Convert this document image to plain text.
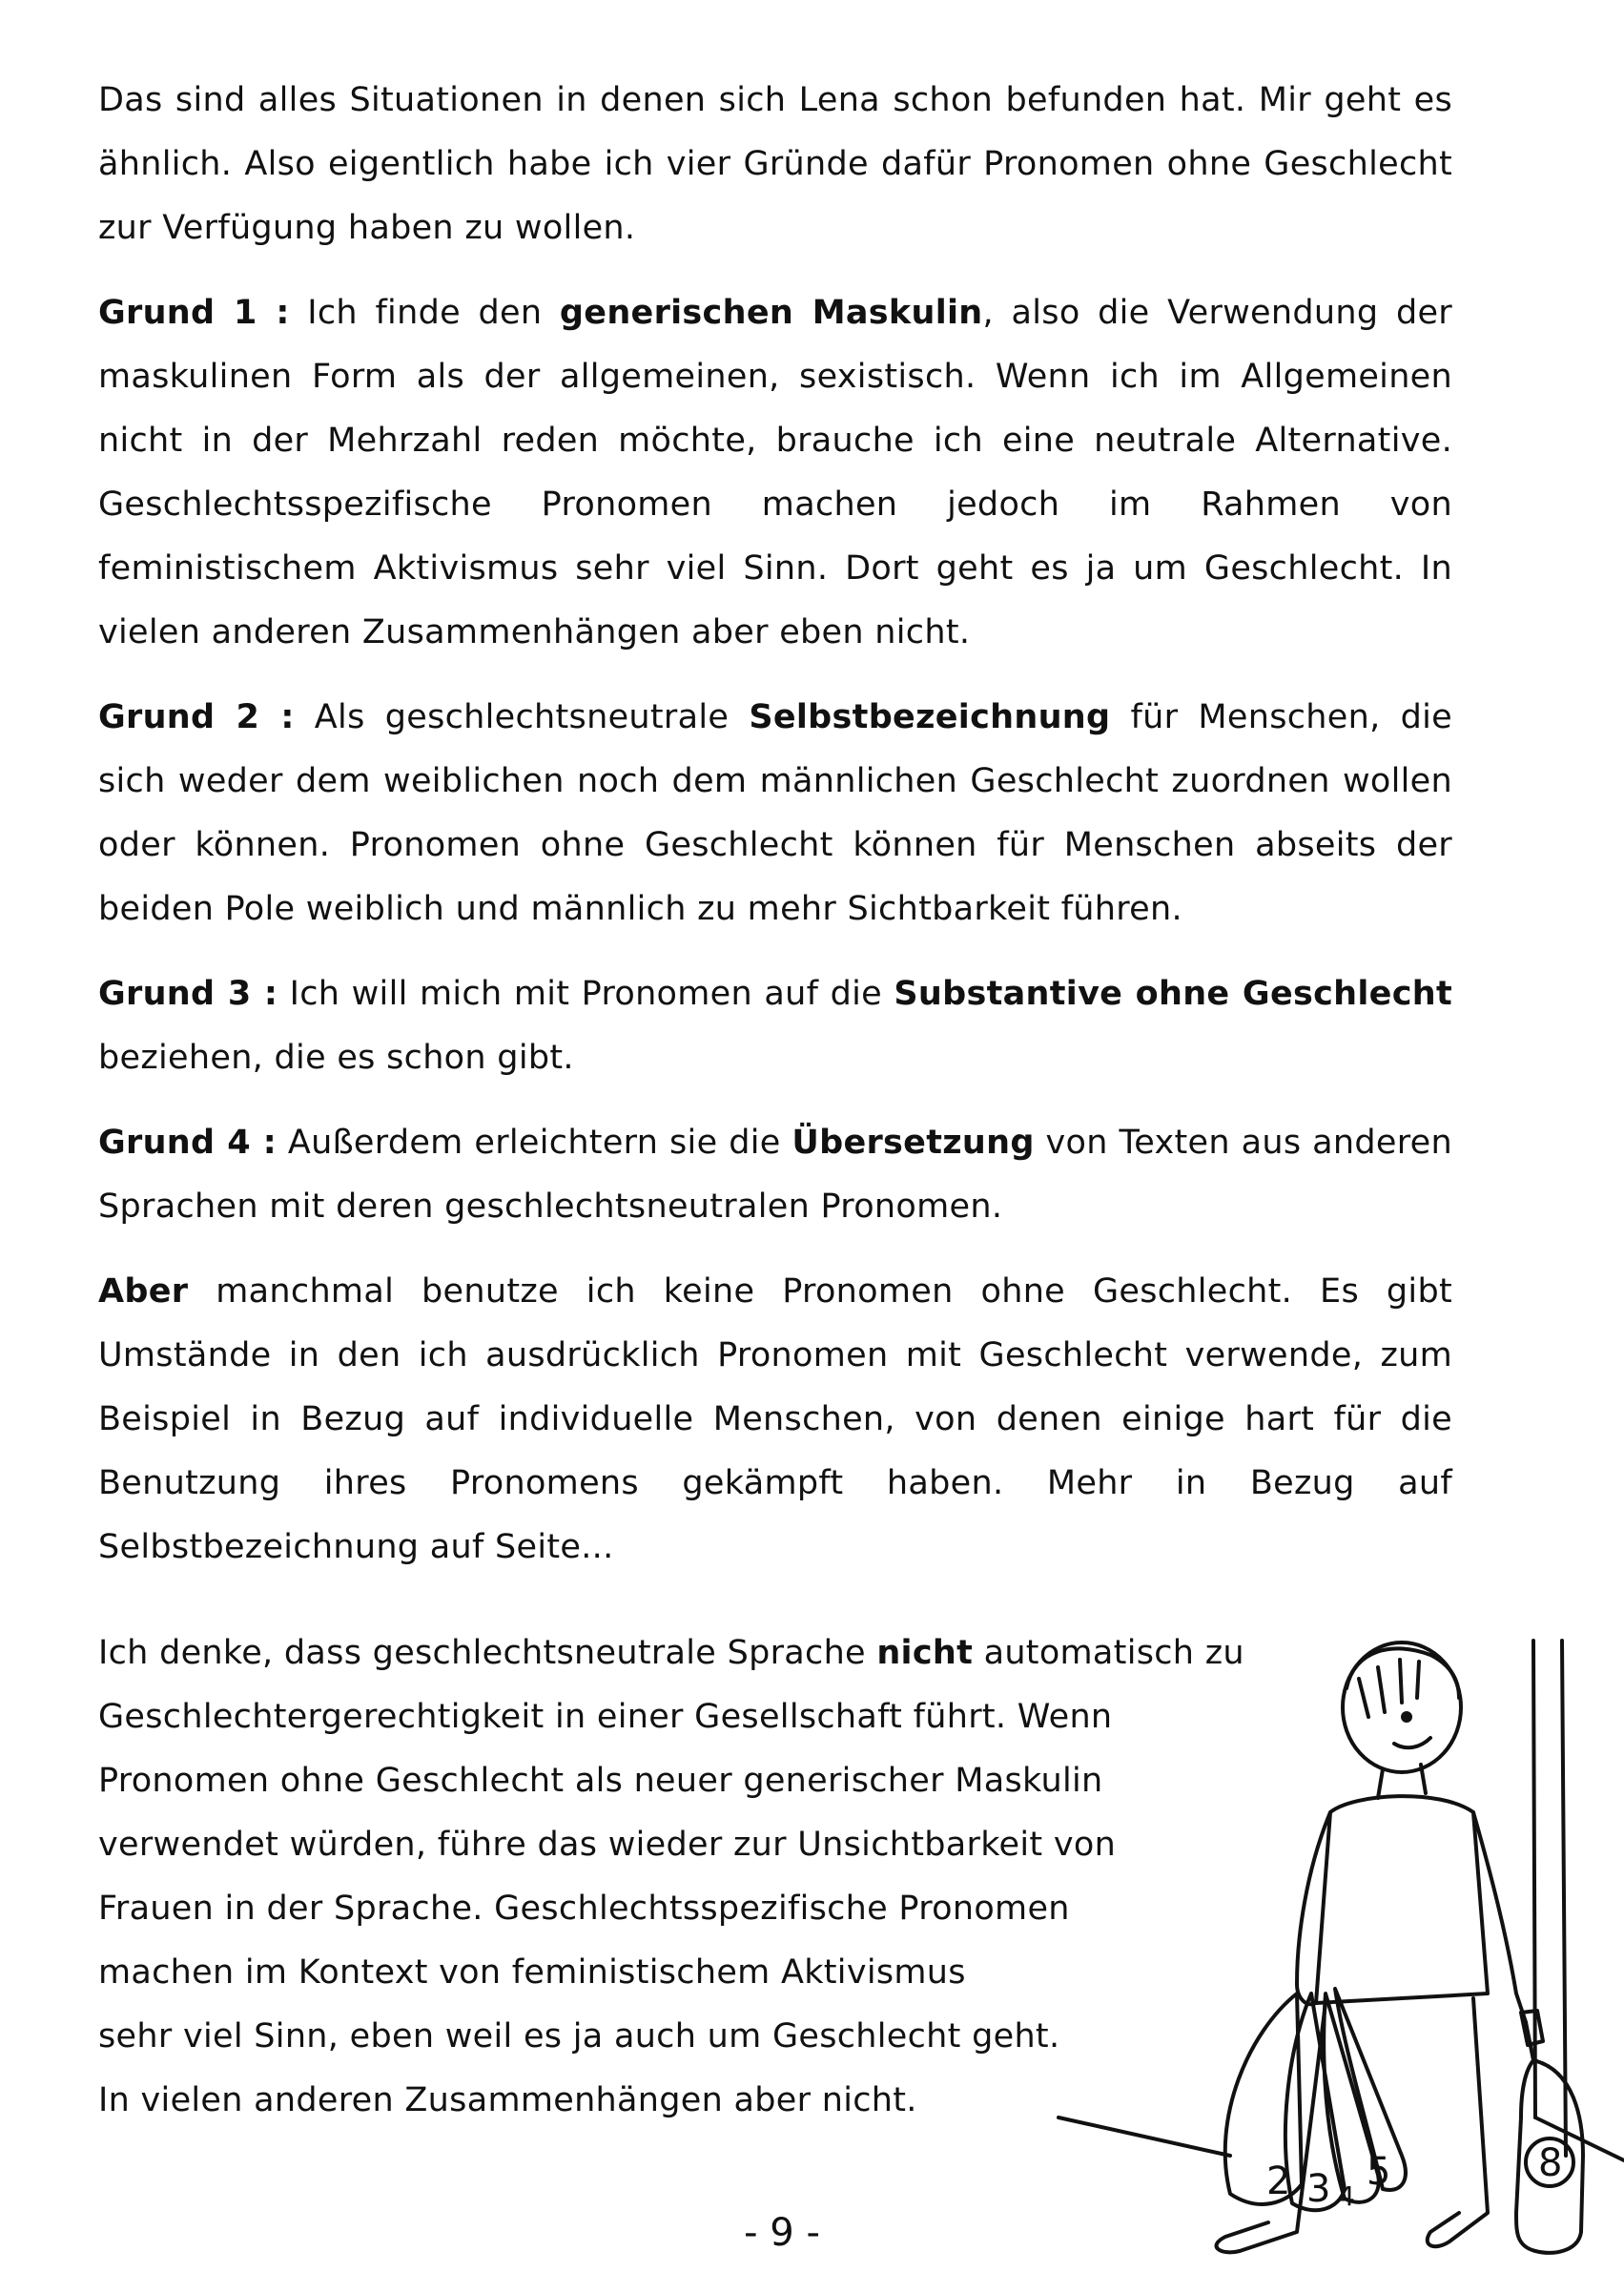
Das sind alles Situationen in denen sich Lena schon befunden hat. Mir geht es ähnlich. Also eigentlich habe ich vier Gründe dafür Pronomen ohne Geschlecht zur Verfügung haben zu wollen.

Grund 1 : Ich finde den generischen Maskulin, also die Verwendung der maskulinen Form als der allgemeinen, sexistisch. Wenn ich im Allgemeinen nicht in der Mehrzahl reden möchte, brauche ich eine neutrale Alternative. Geschlechtsspezifische Pronomen machen jedoch im Rahmen von feministischem Aktivismus sehr viel Sinn. Dort geht es ja um Geschlecht. In vielen anderen Zusammenhängen aber eben nicht.

Grund 2 : Als geschlechtsneutrale Selbstbezeichnung für Menschen, die sich weder dem weiblichen noch dem männlichen Geschlecht zuordnen wollen oder können. Pronomen ohne Geschlecht können für Menschen abseits der beiden Pole weiblich und männlich zu mehr Sichtbarkeit führen.

Grund 3 : Ich will mich mit Pronomen auf die Substantive ohne Geschlecht beziehen, die es schon gibt.

Grund 4 : Außerdem erleichtern sie die Übersetzung von Texten aus anderen Sprachen mit deren geschlechtsneutralen Pronomen.

Aber manchmal benutze ich keine Pronomen ohne Geschlecht. Es gibt Umstände in den ich ausdrücklich Pronomen mit Geschlecht verwende, zum Beispiel in Bezug auf individuelle Menschen, von denen einige hart für die Benutzung ihres Pronomens gekämpft haben. Mehr in Bezug auf Selbstbezeichnung auf Seite...

Ich denke, dass geschlechtsneutrale Sprache nicht automatisch zu
Geschlechtergerechtigkeit in einer Gesellschaft führt. Wenn
Pronomen ohne Geschlecht als neuer generischer Maskulin
verwendet würden, führe das wieder zur Unsichtbarkeit von
Frauen in der Sprache. Geschlechtsspezifische Pronomen
machen im Kontext von feministischem Aktivismus
sehr viel Sinn, eben weil es ja auch um Geschlecht geht.
In vielen anderen Zusammenhängen aber nicht.
2 3 4
5	8
- 9 -
